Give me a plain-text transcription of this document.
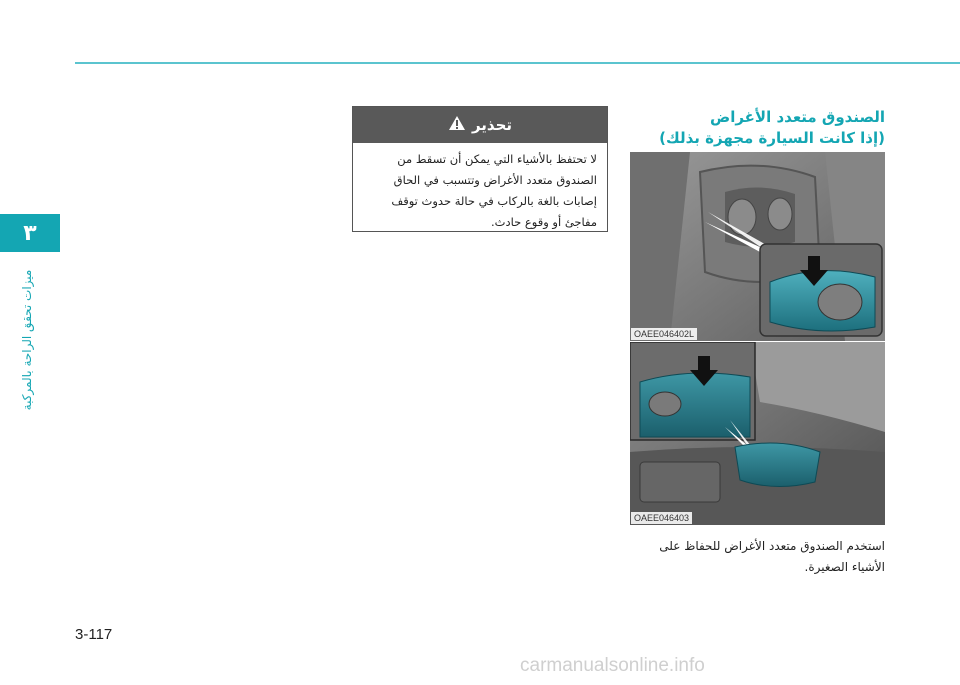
٣
ميزات تحقق الراحة بالمركبة
الصندوق متعدد الأغراض
(إذا كانت السيارة مجهزة بذلك)
تحذير
لا تحتفظ بالأشياء التي يمكن أن تسقط من
الصندوق متعدد الأغراض وتتسبب في الحاق
إصابات بالغة بالركاب في حالة حدوث توقف
مفاجئ أو وقوع حادث.
OAEE046402L
OAEE046403
استخدم الصندوق متعدد الأغراض للحفاظ على
الأشياء الصغيرة.
3-117
carmanualsonline.info
